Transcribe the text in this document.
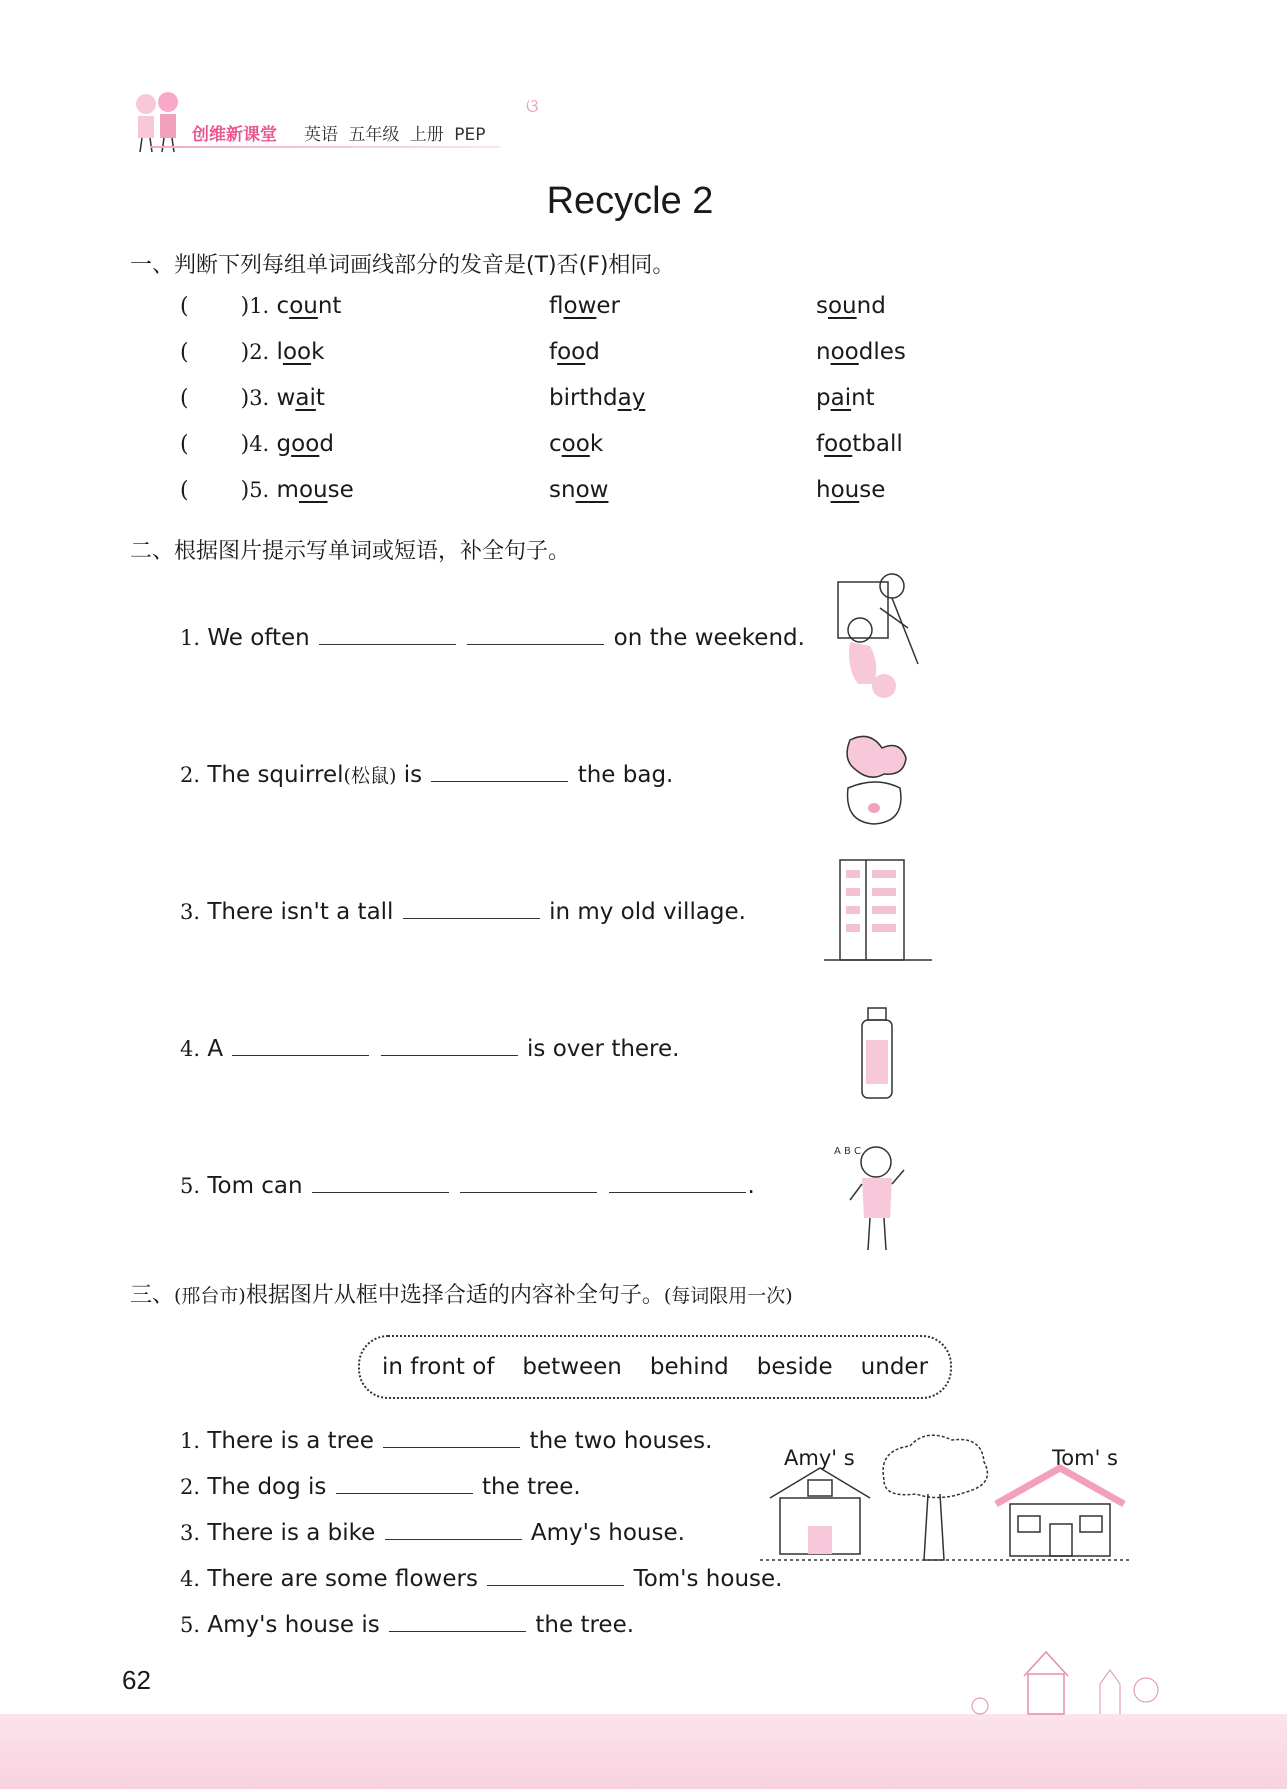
创维新课堂 英语 五年级 上册 PEP
ଓ
Recycle 2
一、判断下列每组单词画线部分的发音是(T)否(F)相同。
( )1. count	flower	sound
( )2. look	food	noodles
( )3. wait	birthday	paint
( )4. good	cook	football
( )5. mouse	snow	house
二、根据图片提示写单词或短语，补全句子。
1. We often	on the weekend.
2. The squirrel(松鼠) is	the bag.
3. There isn't a tall	in my old village.
4. A	is over there.
5. Tom can	.
A B C
三、(邢台市)根据图片从框中选择合适的内容补全句子。(每词限用一次)
in front of between behind beside under
1. There is a tree	the two houses.
2. The dog is	the tree.
3. There is a bike	Amy's house.
4. There are some flowers	Tom's house.
5. Amy's house is	the tree.
Amy' s	Tom' s
62
